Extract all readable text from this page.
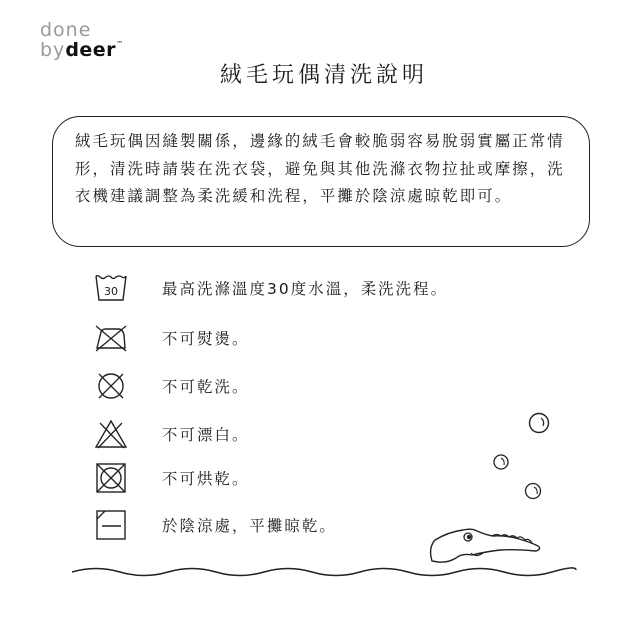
done
by deer ™
絨毛玩偶清洗說明

絨毛玩偶因縫製關係，邊緣的絨毛會較脆弱容易脫弱實屬正常情形，清洗時請裝在洗衣袋，避免與其他洗滌衣物拉扯或摩擦，洗衣機建議調整為柔洗緩和洗程，平攤於陰涼處晾乾即可。

30	最高洗滌溫度30度水溫，柔洗洗程。
不可熨燙。
不可乾洗。
不可漂白。
不可烘乾。
於陰涼處，平攤晾乾。
